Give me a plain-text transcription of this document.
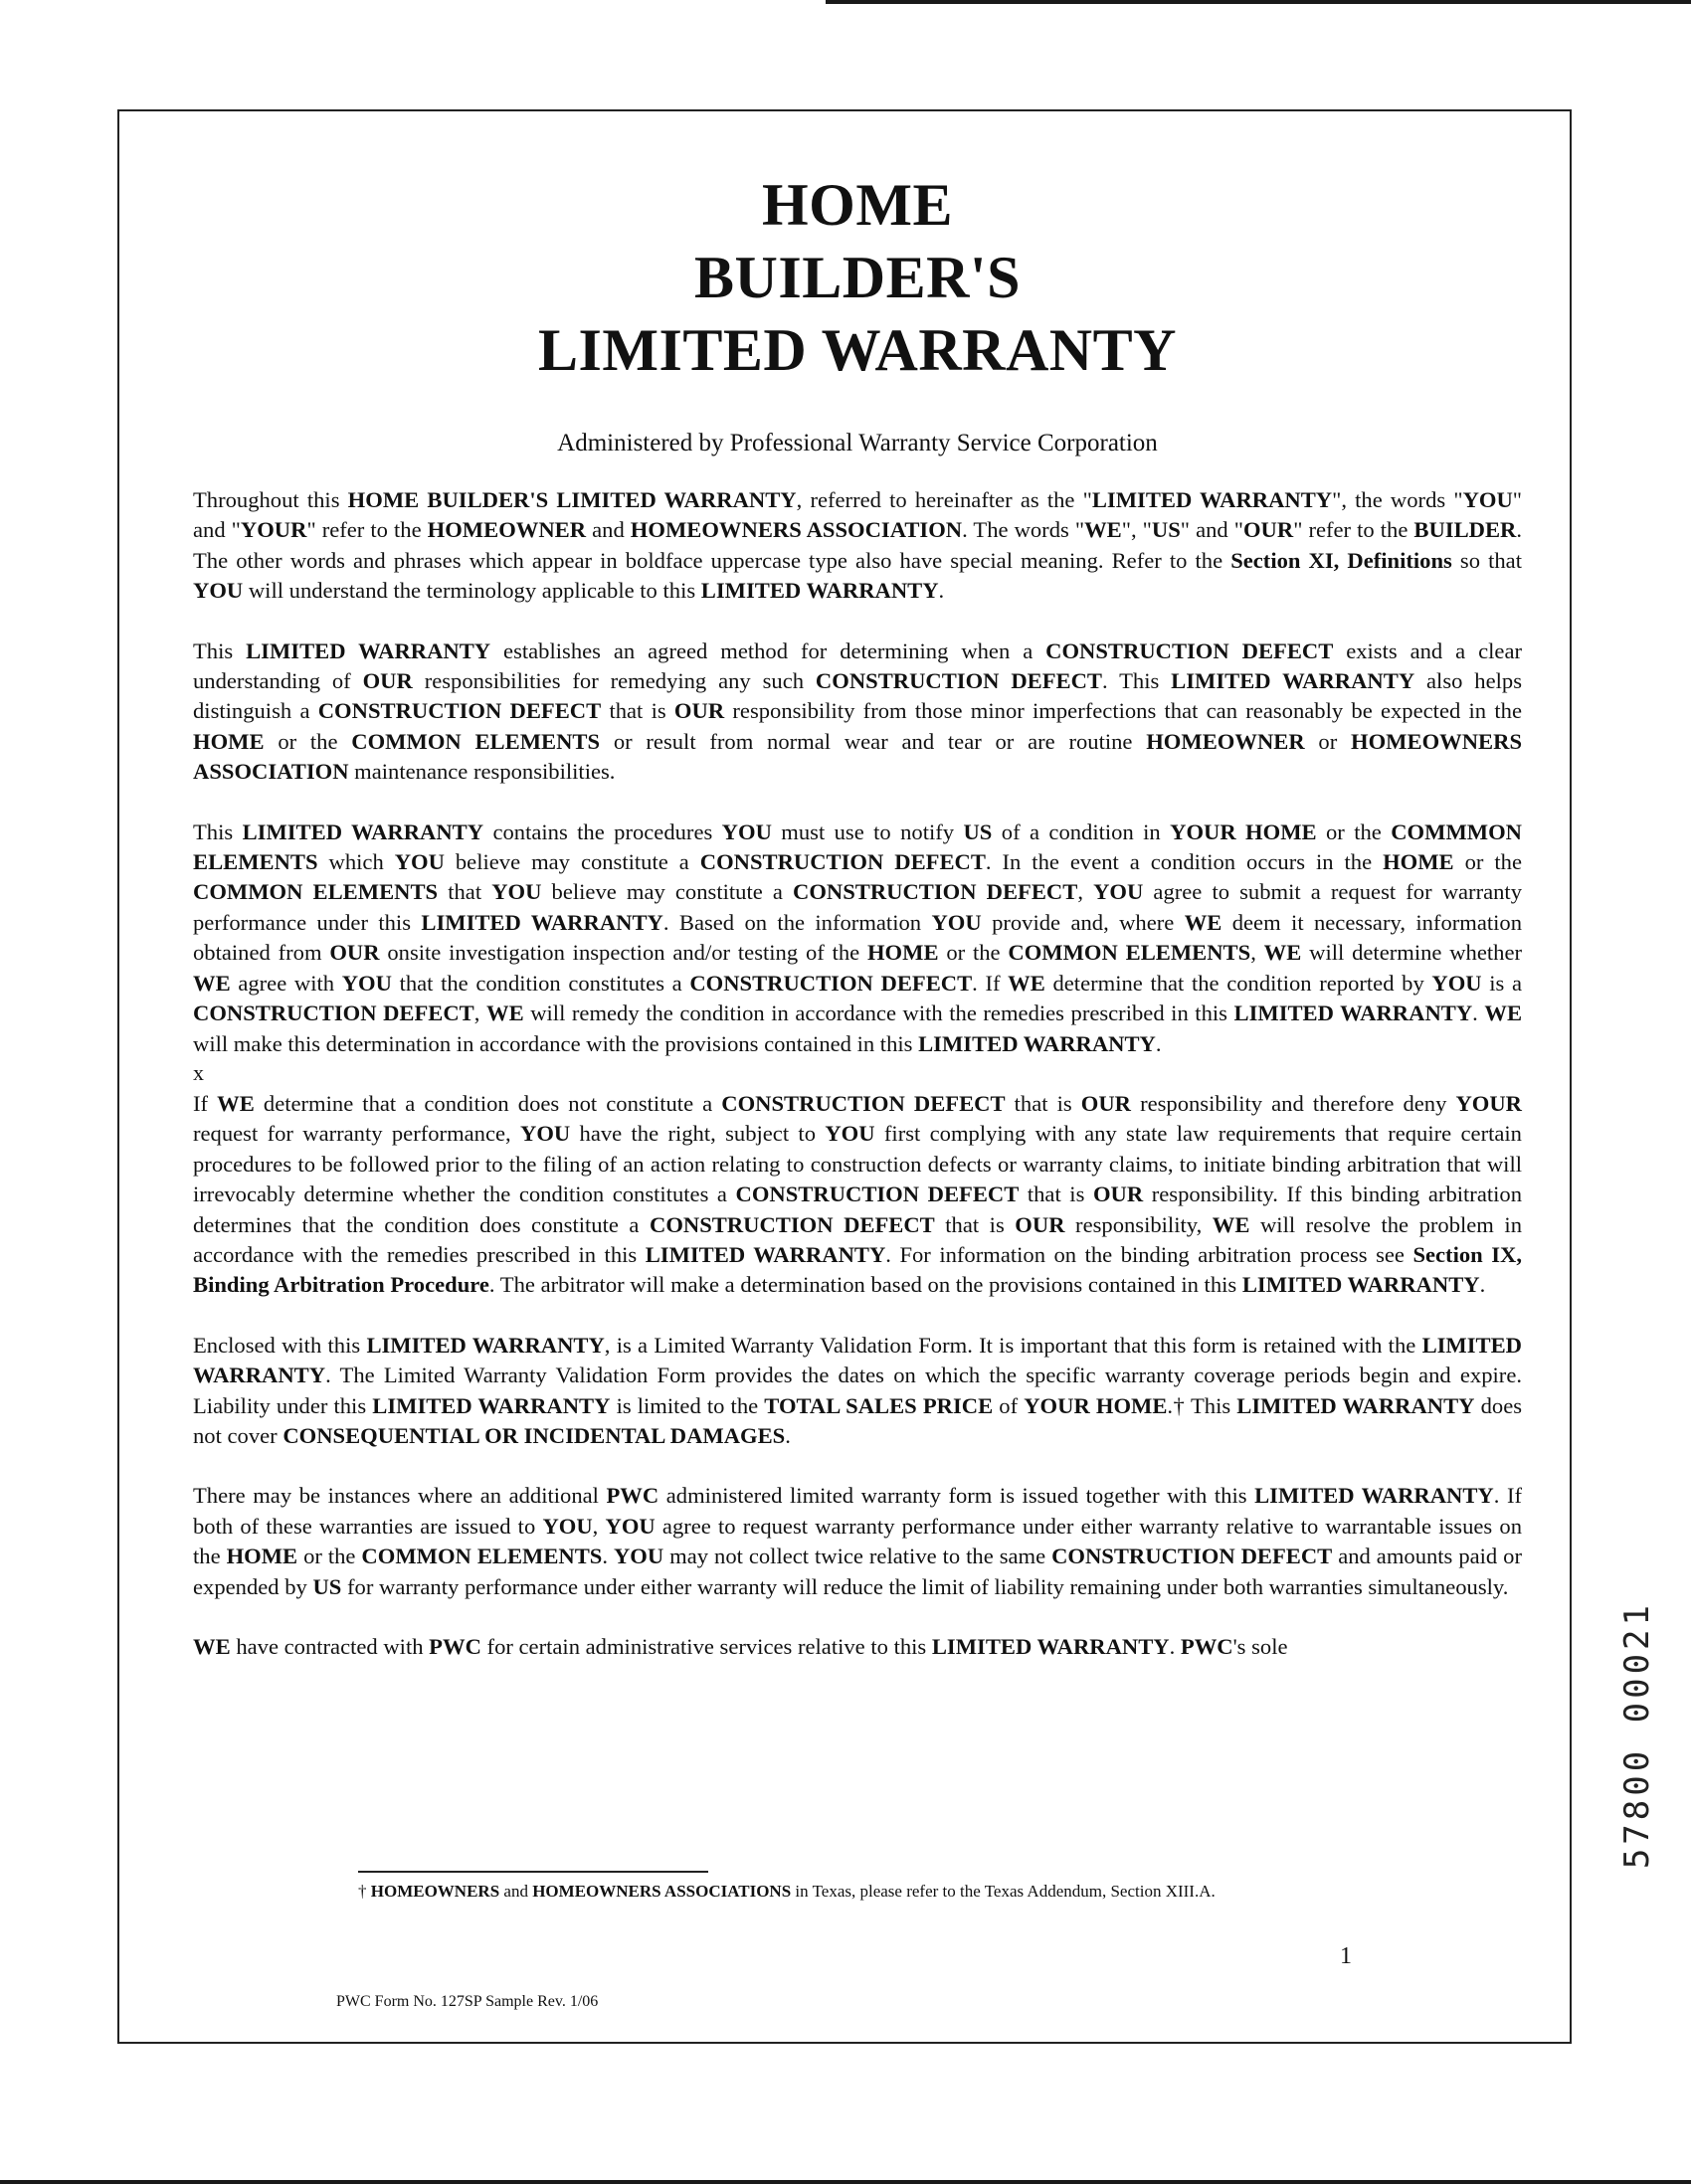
HOME
BUILDER'S
LIMITED WARRANTY
Administered by Professional Warranty Service Corporation

Throughout this HOME BUILDER'S LIMITED WARRANTY, referred to hereinafter as the "LIMITED WARRANTY", the words "YOU" and "YOUR" refer to the HOMEOWNER and HOMEOWNERS ASSOCIATION. The words "WE", "US" and "OUR" refer to the BUILDER. The other words and phrases which appear in boldface uppercase type also have special meaning. Refer to the Section XI, Definitions so that YOU will understand the terminology applicable to this LIMITED WARRANTY.

This LIMITED WARRANTY establishes an agreed method for determining when a CONSTRUCTION DEFECT exists and a clear understanding of OUR responsibilities for remedying any such CONSTRUCTION DEFECT. This LIMITED WARRANTY also helps distinguish a CONSTRUCTION DEFECT that is OUR responsibility from those minor imperfections that can reasonably be expected in the HOME or the COMMON ELEMENTS or result from normal wear and tear or are routine HOMEOWNER or HOMEOWNERS ASSOCIATION maintenance responsibilities.

This LIMITED WARRANTY contains the procedures YOU must use to notify US of a condition in YOUR HOME or the COMMMON ELEMENTS which YOU believe may constitute a CONSTRUCTION DEFECT. In the event a condition occurs in the HOME or the COMMON ELEMENTS that YOU believe may constitute a CONSTRUCTION DEFECT, YOU agree to submit a request for warranty performance under this LIMITED WARRANTY. Based on the information YOU provide and, where WE deem it necessary, information obtained from OUR onsite investigation inspection and/or testing of the HOME or the COMMON ELEMENTS, WE will determine whether WE agree with YOU that the condition constitutes a CONSTRUCTION DEFECT. If WE determine that the condition reported by YOU is a CONSTRUCTION DEFECT, WE will remedy the condition in accordance with the remedies prescribed in this LIMITED WARRANTY. WE will make this determination in accordance with the provisions contained in this LIMITED WARRANTY.

x

If WE determine that a condition does not constitute a CONSTRUCTION DEFECT that is OUR responsibility and therefore deny YOUR request for warranty performance, YOU have the right, subject to YOU first complying with any state law requirements that require certain procedures to be followed prior to the filing of an action relating to construction defects or warranty claims, to initiate binding arbitration that will irrevocably determine whether the condition constitutes a CONSTRUCTION DEFECT that is OUR responsibility. If this binding arbitration determines that the condition does constitute a CONSTRUCTION DEFECT that is OUR responsibility, WE will resolve the problem in accordance with the remedies prescribed in this LIMITED WARRANTY. For information on the binding arbitration process see Section IX, Binding Arbitration Procedure. The arbitrator will make a determination based on the provisions contained in this LIMITED WARRANTY.

Enclosed with this LIMITED WARRANTY, is a Limited Warranty Validation Form. It is important that this form is retained with the LIMITED WARRANTY. The Limited Warranty Validation Form provides the dates on which the specific warranty coverage periods begin and expire. Liability under this LIMITED WARRANTY is limited to the TOTAL SALES PRICE of YOUR HOME.† This LIMITED WARRANTY does not cover CONSEQUENTIAL OR INCIDENTAL DAMAGES.

There may be instances where an additional PWC administered limited warranty form is issued together with this LIMITED WARRANTY. If both of these warranties are issued to YOU, YOU agree to request warranty performance under either warranty relative to warrantable issues on the HOME or the COMMON ELEMENTS. YOU may not collect twice relative to the same CONSTRUCTION DEFECT and amounts paid or expended by US for warranty performance under either warranty will reduce the limit of liability remaining under both warranties simultaneously.

WE have contracted with PWC for certain administrative services relative to this LIMITED WARRANTY. PWC's sole

† HOMEOWNERS and HOMEOWNERS ASSOCIATIONS in Texas, please refer to the Texas Addendum, Section XIII.A.
1
PWC Form No. 127SP Sample Rev. 1/06
57800 00021
